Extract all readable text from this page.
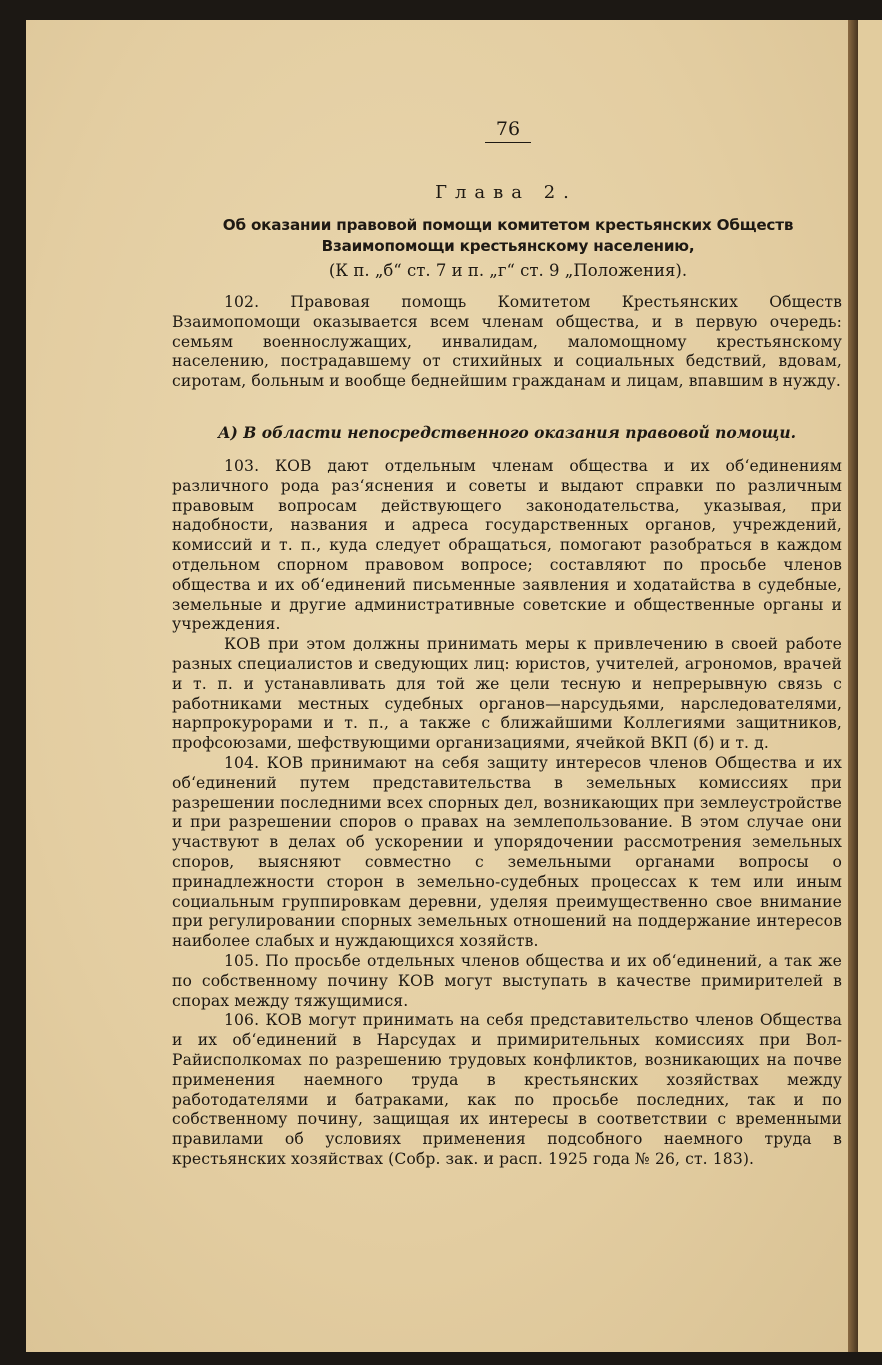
76
Глава 2.
Об оказании правовой помощи комитетом крестьянских Обществ Взаимопомощи крестьянскому населению,
(К п. „б“ ст. 7 и п. „г“ ст. 9 „Положения).

102. Правовая помощь Комитетом Крестьянских Обществ Взаимопомощи оказывается всем членам общества, и в первую очередь: семьям военнослужащих, инвалидам, маломощному крестьянскому населению, пострадавшему от стихийных и социальных бедствий, вдовам, сиротам, больным и вообще беднейшим гражданам и лицам, впавшим в нужду.

А) В области непосредственного оказания правовой помощи.

103. КОВ дают отдельным членам общества и их об‘единениям различного рода раз‘яснения и советы и выдают справки по различным правовым вопросам действующего законодательства, указывая, при надобности, названия и адреса государственных органов, учреждений, комиссий и т. п., куда следует обращаться, помогают разобраться в каждом отдельном спорном правовом вопросе; составляют по просьбе членов общества и их об‘единений письменные заявления и ходатайства в судебные, земельные и другие административные советские и общественные органы и учреждения.

КОВ при этом должны принимать меры к привлечению в своей работе разных специалистов и сведующих лиц: юристов, учителей, агрономов, врачей и т. п. и устанавливать для той же цели тесную и непрерывную связь с работниками местных судебных органов—нарсудьями, нарследователями, нарпрокурорами и т. п., а также с ближайшими Коллегиями защитников, профсоюзами, шефствующими организациями, ячейкой ВКП (б) и т. д.

104. КОВ принимают на себя защиту интересов членов Общества и их об‘единений путем представительства в земельных комиссиях при разрешении последними всех спорных дел, возникающих при землеустройстве и при разрешении споров о правах на землепользование. В этом случае они участвуют в делах об ускорении и упорядочении рассмотрения земельных споров, выясняют совместно с земельными органами вопросы о принадлежности сторон в земельно-судебных процессах к тем или иным социальным группировкам деревни, уделяя преимущественно свое внимание при регулировании спорных земельных отношений на поддержание интересов наиболее слабых и нуждающихся хозяйств.

105. По просьбе отдельных членов общества и их об‘единений, а так же по собственному почину КОВ могут выступать в качестве примирителей в спорах между тяжущимися.

106. КОВ могут принимать на себя представительство членов Общества и их об‘единений в Нарсудах и примирительных комиссиях при Вол-Райисполкомах по разрешению трудовых конфликтов, возникающих на почве применения наемного труда в крестьянских хозяйствах между работодателями и батраками, как по просьбе последних, так и по собственному почину, защищая их интересы в соответствии с временными правилами об условиях применения подсобного наемного труда в крестьянских хозяйствах (Собр. зак. и расп. 1925 года № 26, ст. 183).
